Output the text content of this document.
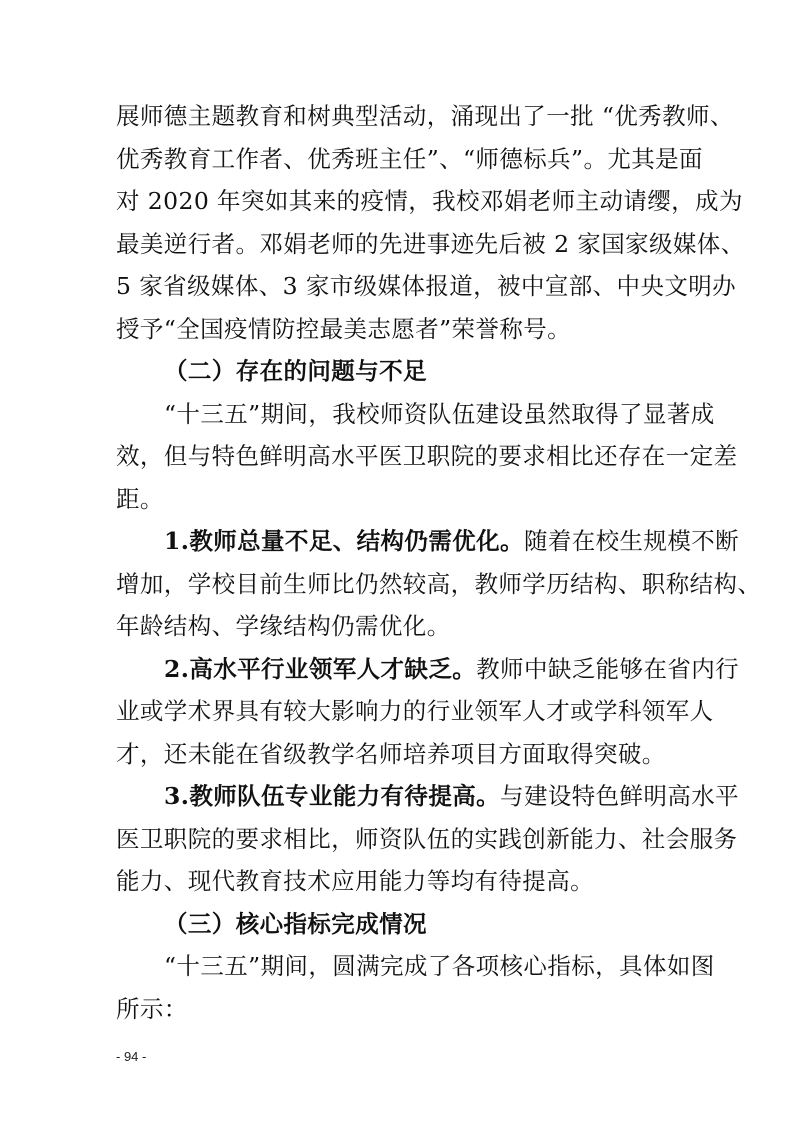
展师德主题教育和树典型活动，涌现出了一批 “优秀教师、
优秀教育工作者、优秀班主任”、“师德标兵”。尤其是面
对 2020 年突如其来的疫情，我校邓娟老师主动请缨，成为
最美逆行者。邓娟老师的先进事迹先后被 2 家国家级媒体、
5 家省级媒体、3 家市级媒体报道，被中宣部、中央文明办
授予“全国疫情防控最美志愿者”荣誉称号。
（二）存在的问题与不足
“十三五”期间，我校师资队伍建设虽然取得了显著成
效，但与特色鲜明高水平医卫职院的要求相比还存在一定差
距。
1.教师总量不足、结构仍需优化。随着在校生规模不断
增加，学校目前生师比仍然较高，教师学历结构、职称结构、
年龄结构、学缘结构仍需优化。
2.高水平行业领军人才缺乏。教师中缺乏能够在省内行
业或学术界具有较大影响力的行业领军人才或学科领军人
才，还未能在省级教学名师培养项目方面取得突破。
3.教师队伍专业能力有待提高。与建设特色鲜明高水平
医卫职院的要求相比，师资队伍的实践创新能力、社会服务
能力、现代教育技术应用能力等均有待提高。
（三）核心指标完成情况
“十三五”期间，圆满完成了各项核心指标，具体如图
所示：
- 94 -
